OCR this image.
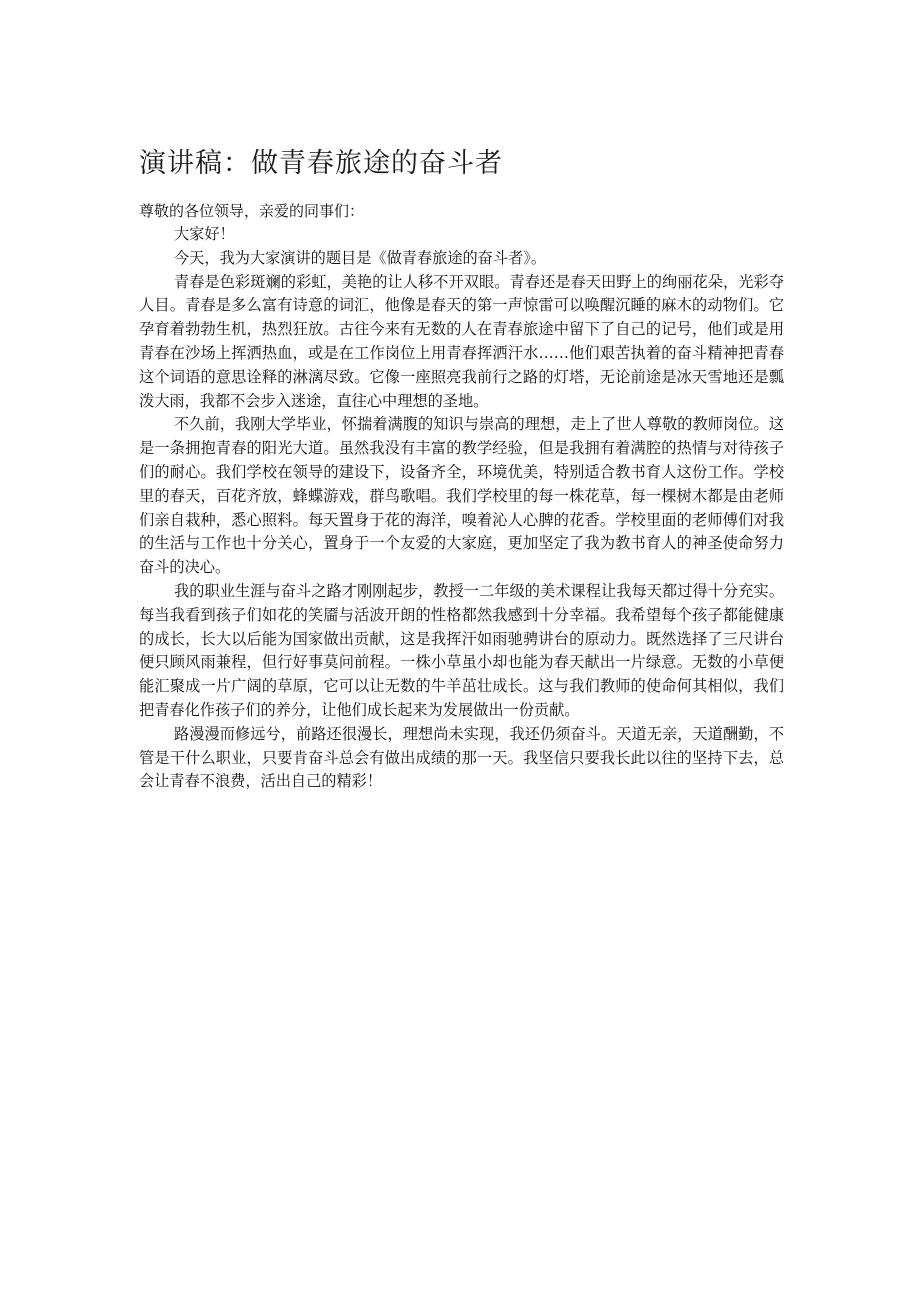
演讲稿：做青春旅途的奋斗者

尊敬的各位领导，亲爱的同事们：

大家好！

今天，我为大家演讲的题目是《做青春旅途的奋斗者》。

青春是色彩斑斓的彩虹，美艳的让人移不开双眼。青春还是春天田野上的绚丽花朵，光彩夺人目。青春是多么富有诗意的词汇，他像是春天的第一声惊雷可以唤醒沉睡的麻木的动物们。它孕育着勃勃生机，热烈狂放。古往今来有无数的人在青春旅途中留下了自己的记号，他们或是用青春在沙场上挥洒热血，或是在工作岗位上用青春挥洒汗水……他们艰苦执着的奋斗精神把青春这个词语的意思诠释的淋漓尽致。它像一座照亮我前行之路的灯塔，无论前途是冰天雪地还是瓢泼大雨，我都不会步入迷途，直往心中理想的圣地。

不久前，我刚大学毕业，怀揣着满腹的知识与崇高的理想，走上了世人尊敬的教师岗位。这是一条拥抱青春的阳光大道。虽然我没有丰富的教学经验，但是我拥有着满腔的热情与对待孩子们的耐心。我们学校在领导的建设下，设备齐全，环境优美，特别适合教书育人这份工作。学校里的春天，百花齐放，蜂蝶游戏，群鸟歌唱。我们学校里的每一株花草，每一棵树木都是由老师们亲自栽种，悉心照料。每天置身于花的海洋，嗅着沁人心脾的花香。学校里面的老师傅们对我的生活与工作也十分关心，置身于一个友爱的大家庭，更加坚定了我为教书育人的神圣使命努力奋斗的决心。

我的职业生涯与奋斗之路才刚刚起步，教授一二年级的美术课程让我每天都过得十分充实。每当我看到孩子们如花的笑靥与活波开朗的性格都然我感到十分幸福。我希望每个孩子都能健康的成长，长大以后能为国家做出贡献，这是我挥汗如雨驰骋讲台的原动力。既然选择了三尺讲台便只顾风雨兼程，但行好事莫问前程。一株小草虽小却也能为春天献出一片绿意。无数的小草便能汇聚成一片广阔的草原，它可以让无数的牛羊茁壮成长。这与我们教师的使命何其相似，我们把青春化作孩子们的养分，让他们成长起来为发展做出一份贡献。

路漫漫而修远兮，前路还很漫长，理想尚未实现，我还仍须奋斗。天道无亲，天道酬勤，不管是干什么职业，只要肯奋斗总会有做出成绩的那一天。我坚信只要我长此以往的坚持下去，总会让青春不浪费，活出自己的精彩！
